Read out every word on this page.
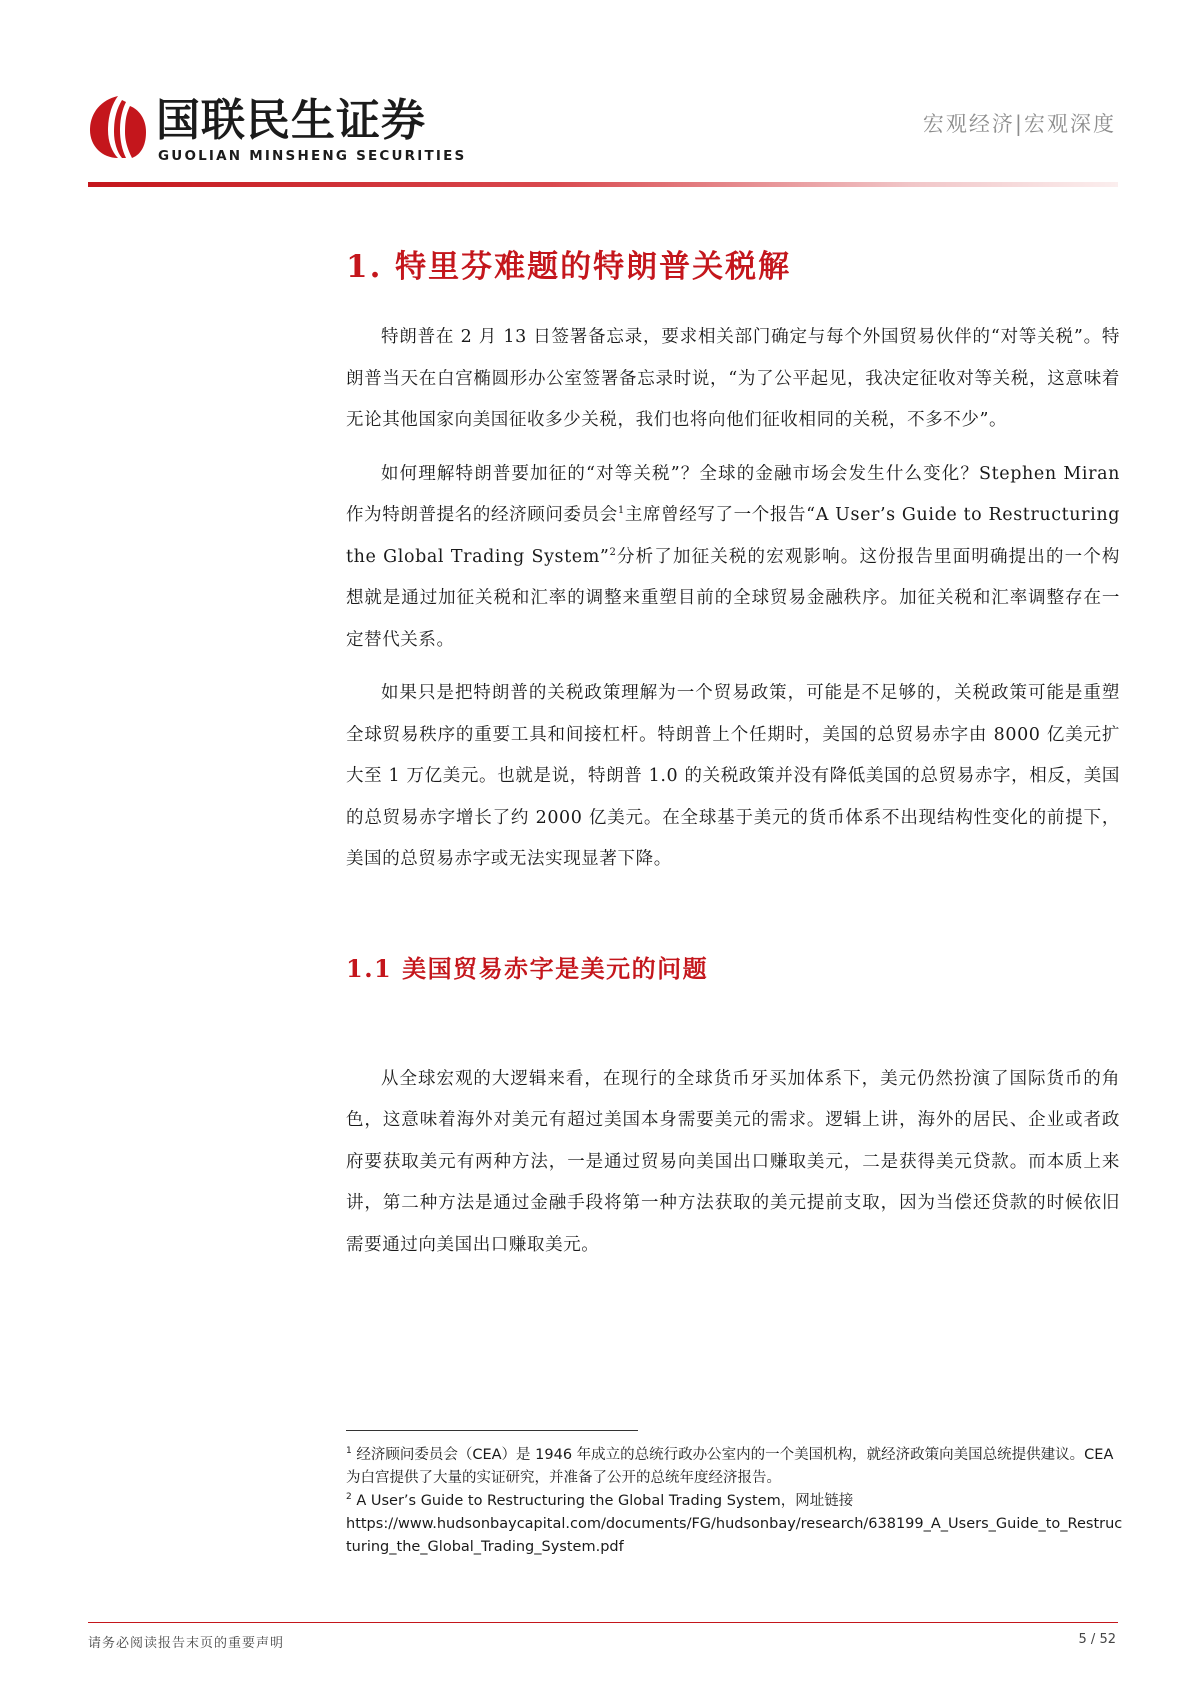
国联民生证券
GUOLIAN MINSHENG SECURITIES
宏观经济|宏观深度
1. 特里芬难题的特朗普关税解

特朗普在 2 月 13 日签署备忘录，要求相关部门确定与每个外国贸易伙伴的“对等关税”。特朗普当天在白宫椭圆形办公室签署备忘录时说，“为了公平起见，我决定征收对等关税，这意味着无论其他国家向美国征收多少关税，我们也将向他们征收相同的关税，不多不少”。

如何理解特朗普要加征的“对等关税”？全球的金融市场会发生什么变化？Stephen Miran 作为特朗普提名的经济顾问委员会$^1$主席曾经写了一个报告“A User’s Guide to Restructuring the Global Trading System”$^2$分析了加征关税的宏观影响。这份报告里面明确提出的一个构想就是通过加征关税和汇率的调整来重塑目前的全球贸易金融秩序。加征关税和汇率调整存在一定替代关系。

如果只是把特朗普的关税政策理解为一个贸易政策，可能是不足够的，关税政策可能是重塑全球贸易秩序的重要工具和间接杠杆。特朗普上个任期时，美国的总贸易赤字由 8000 亿美元扩大至 1 万亿美元。也就是说，特朗普 1.0 的关税政策并没有降低美国的总贸易赤字，相反，美国的总贸易赤字增长了约 2000 亿美元。在全球基于美元的货币体系不出现结构性变化的前提下，美国的总贸易赤字或无法实现显著下降。

1.1 美国贸易赤字是美元的问题

从全球宏观的大逻辑来看，在现行的全球货币牙买加体系下，美元仍然扮演了国际货币的角色，这意味着海外对美元有超过美国本身需要美元的需求。逻辑上讲，海外的居民、企业或者政府要获取美元有两种方法，一是通过贸易向美国出口赚取美元，二是获得美元贷款。而本质上来讲，第二种方法是通过金融手段将第一种方法获取的美元提前支取，因为当偿还贷款的时候依旧需要通过向美国出口赚取美元。

$^1$ 经济顾问委员会（CEA）是 1946 年成立的总统行政办公室内的一个美国机构，就经济政策向美国总统提供建议。CEA 为白宫提供了大量的实证研究，并准备了公开的总统年度经济报告。

$^2$ A User’s Guide to Restructuring the Global Trading System，网址链接

https://www.hudsonbaycapital.com/documents/FG/hudsonbay/research/638199_A_Users_Guide_to_Restructuring_the_Global_Trading_System.pdf

请务必阅读报告末页的重要声明	5 / 52
